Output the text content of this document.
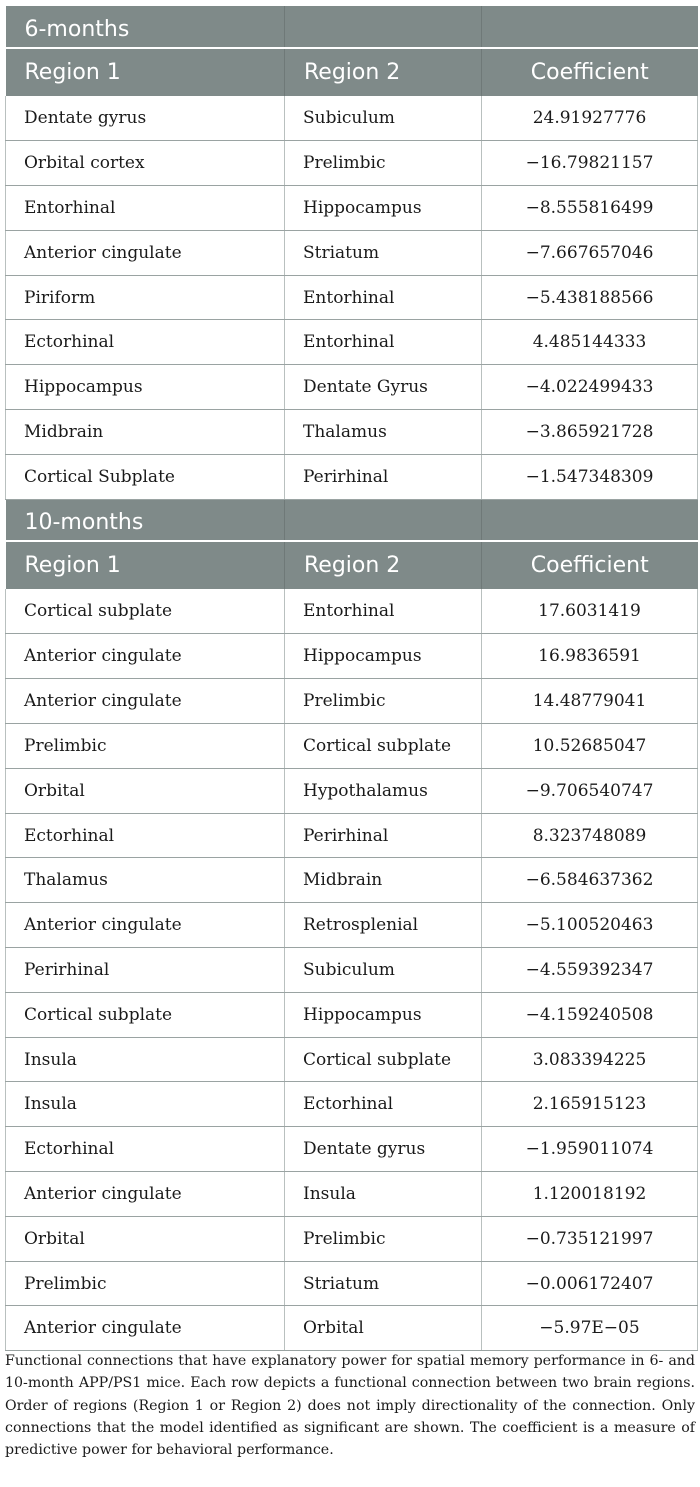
6-months		
Region 1	Region 2	Coefficient
Dentate gyrus	Subiculum	24.91927776
Orbital cortex	Prelimbic	−16.79821157
Entorhinal	Hippocampus	−8.555816499
Anterior cingulate	Striatum	−7.667657046
Piriform	Entorhinal	−5.438188566
Ectorhinal	Entorhinal	4.485144333
Hippocampus	Dentate Gyrus	−4.022499433
Midbrain	Thalamus	−3.865921728
Cortical Subplate	Perirhinal	−1.547348309
10-months		
Region 1	Region 2	Coefficient
Cortical subplate	Entorhinal	17.6031419
Anterior cingulate	Hippocampus	16.9836591
Anterior cingulate	Prelimbic	14.48779041
Prelimbic	Cortical subplate	10.52685047
Orbital	Hypothalamus	−9.706540747
Ectorhinal	Perirhinal	8.323748089
Thalamus	Midbrain	−6.584637362
Anterior cingulate	Retrosplenial	−5.100520463
Perirhinal	Subiculum	−4.559392347
Cortical subplate	Hippocampus	−4.159240508
Insula	Cortical subplate	3.083394225
Insula	Ectorhinal	2.165915123
Ectorhinal	Dentate gyrus	−1.959011074
Anterior cingulate	Insula	1.120018192
Orbital	Prelimbic	−0.735121997
Prelimbic	Striatum	−0.006172407
Anterior cingulate	Orbital	−5.97E−05

Functional connections that have explanatory power for spatial memory performance in 6- and 10-month APP/PS1 mice. Each row depicts a functional connection between two brain regions. Order of regions (Region 1 or Region 2) does not imply directionality of the connection. Only connections that the model identified as significant are shown. The coefficient is a measure of predictive power for behavioral performance.
